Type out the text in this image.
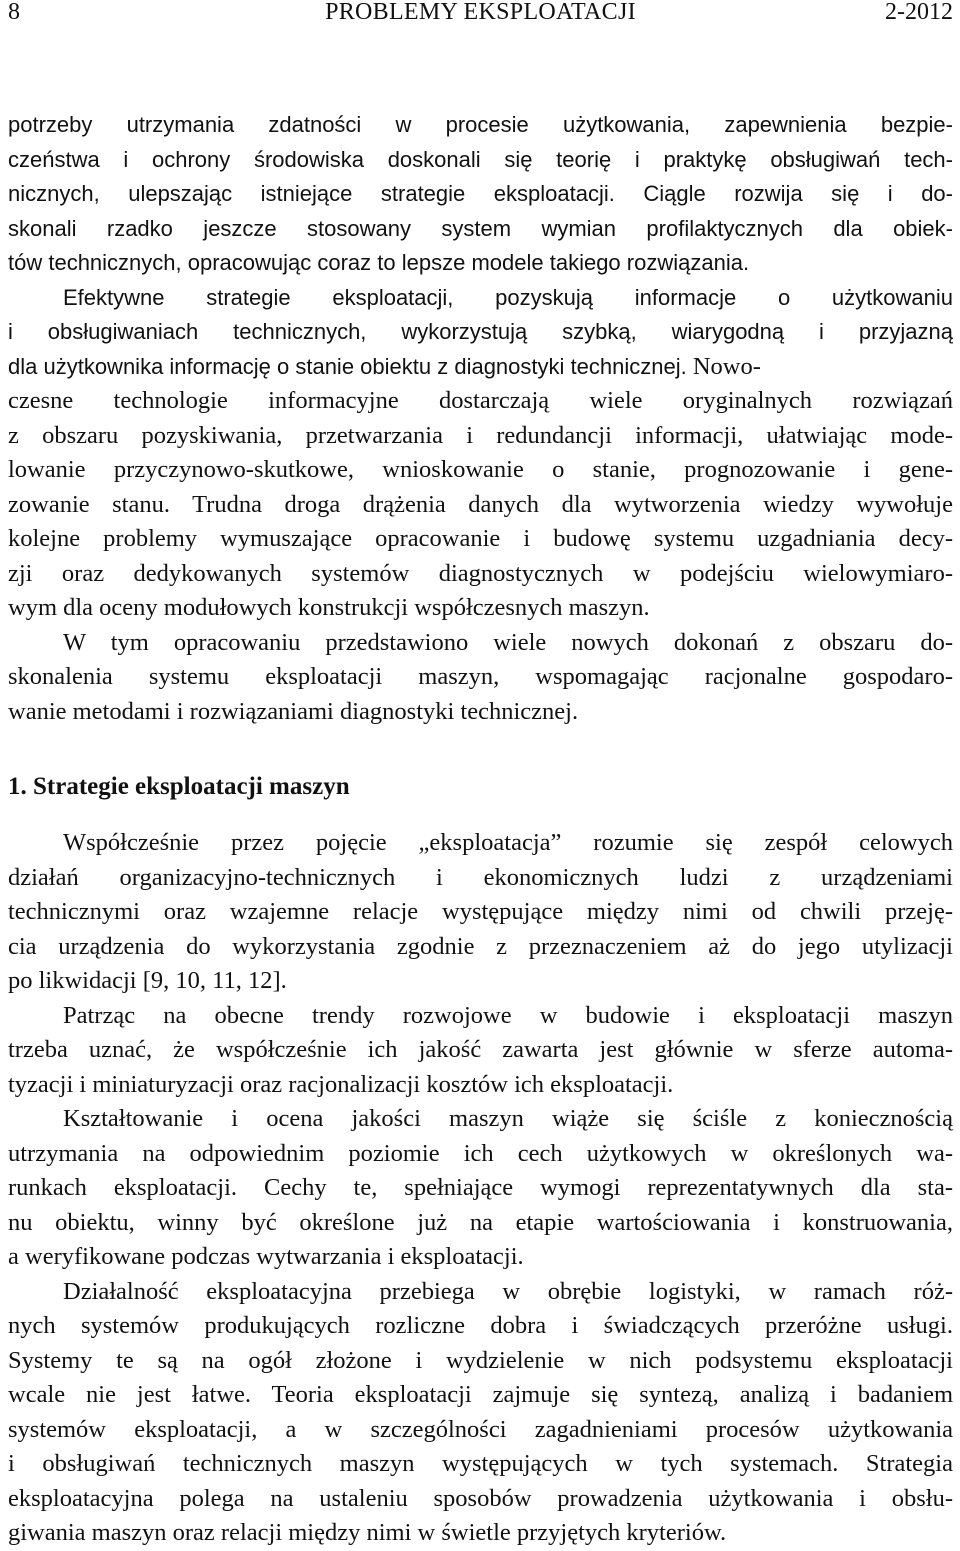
8	PROBLEMY EKSPLOATACJI	2-2012
potrzeby utrzymania zdatności w procesie użytkowania, zapewnienia bezpie-
czeństwa i ochrony środowiska doskonali się teorię i praktykę obsługiwań tech-
nicznych, ulepszając istniejące strategie eksploatacji. Ciągle rozwija się i do-
skonali rzadko jeszcze stosowany system wymian profilaktycznych dla obiek-
tów technicznych, opracowując coraz to lepsze modele takiego rozwiązania.
Efektywne strategie eksploatacji, pozyskują informacje o użytkowaniu
i obsługiwaniach technicznych, wykorzystują szybką, wiarygodną i przyjazną
dla użytkownika informację o stanie obiektu z diagnostyki technicznej. Nowo-
czesne technologie informacyjne dostarczają wiele oryginalnych rozwiązań
z obszaru pozyskiwania, przetwarzania i redundancji informacji, ułatwiając mode-
lowanie przyczynowo-skutkowe, wnioskowanie o stanie, prognozowanie i gene-
zowanie stanu. Trudna droga drążenia danych dla wytworzenia wiedzy wywołuje
kolejne problemy wymuszające opracowanie i budowę systemu uzgadniania decy-
zji oraz dedykowanych systemów diagnostycznych w podejściu wielowymiaro-
wym dla oceny modułowych konstrukcji współczesnych maszyn.
W tym opracowaniu przedstawiono wiele nowych dokonań z obszaru do-
skonalenia systemu eksploatacji maszyn, wspomagając racjonalne gospodaro-
wanie metodami i rozwiązaniami diagnostyki technicznej.
1. Strategie eksploatacji maszyn
Współcześnie przez pojęcie „eksploatacja” rozumie się zespół celowych
działań organizacyjno-technicznych i ekonomicznych ludzi z urządzeniami
technicznymi oraz wzajemne relacje występujące między nimi od chwili przeję-
cia urządzenia do wykorzystania zgodnie z przeznaczeniem aż do jego utylizacji
po likwidacji [9, 10, 11, 12].
Patrząc na obecne trendy rozwojowe w budowie i eksploatacji maszyn
trzeba uznać, że współcześnie ich jakość zawarta jest głównie w sferze automa-
tyzacji i miniaturyzacji oraz racjonalizacji kosztów ich eksploatacji.
Kształtowanie i ocena jakości maszyn wiąże się ściśle z koniecznością
utrzymania na odpowiednim poziomie ich cech użytkowych w określonych wa-
runkach eksploatacji. Cechy te, spełniające wymogi reprezentatywnych dla sta-
nu obiektu, winny być określone już na etapie wartościowania i konstruowania,
a weryfikowane podczas wytwarzania i eksploatacji.
Działalność eksploatacyjna przebiega w obrębie logistyki, w ramach róż-
nych systemów produkujących rozliczne dobra i świadczących przeróżne usługi.
Systemy te są na ogół złożone i wydzielenie w nich podsystemu eksploatacji
wcale nie jest łatwe. Teoria eksploatacji zajmuje się syntezą, analizą i badaniem
systemów eksploatacji, a w szczególności zagadnieniami procesów użytkowania
i obsługiwań technicznych maszyn występujących w tych systemach. Strategia
eksploatacyjna polega na ustaleniu sposobów prowadzenia użytkowania i obsłu-
giwania maszyn oraz relacji między nimi w świetle przyjętych kryteriów.
